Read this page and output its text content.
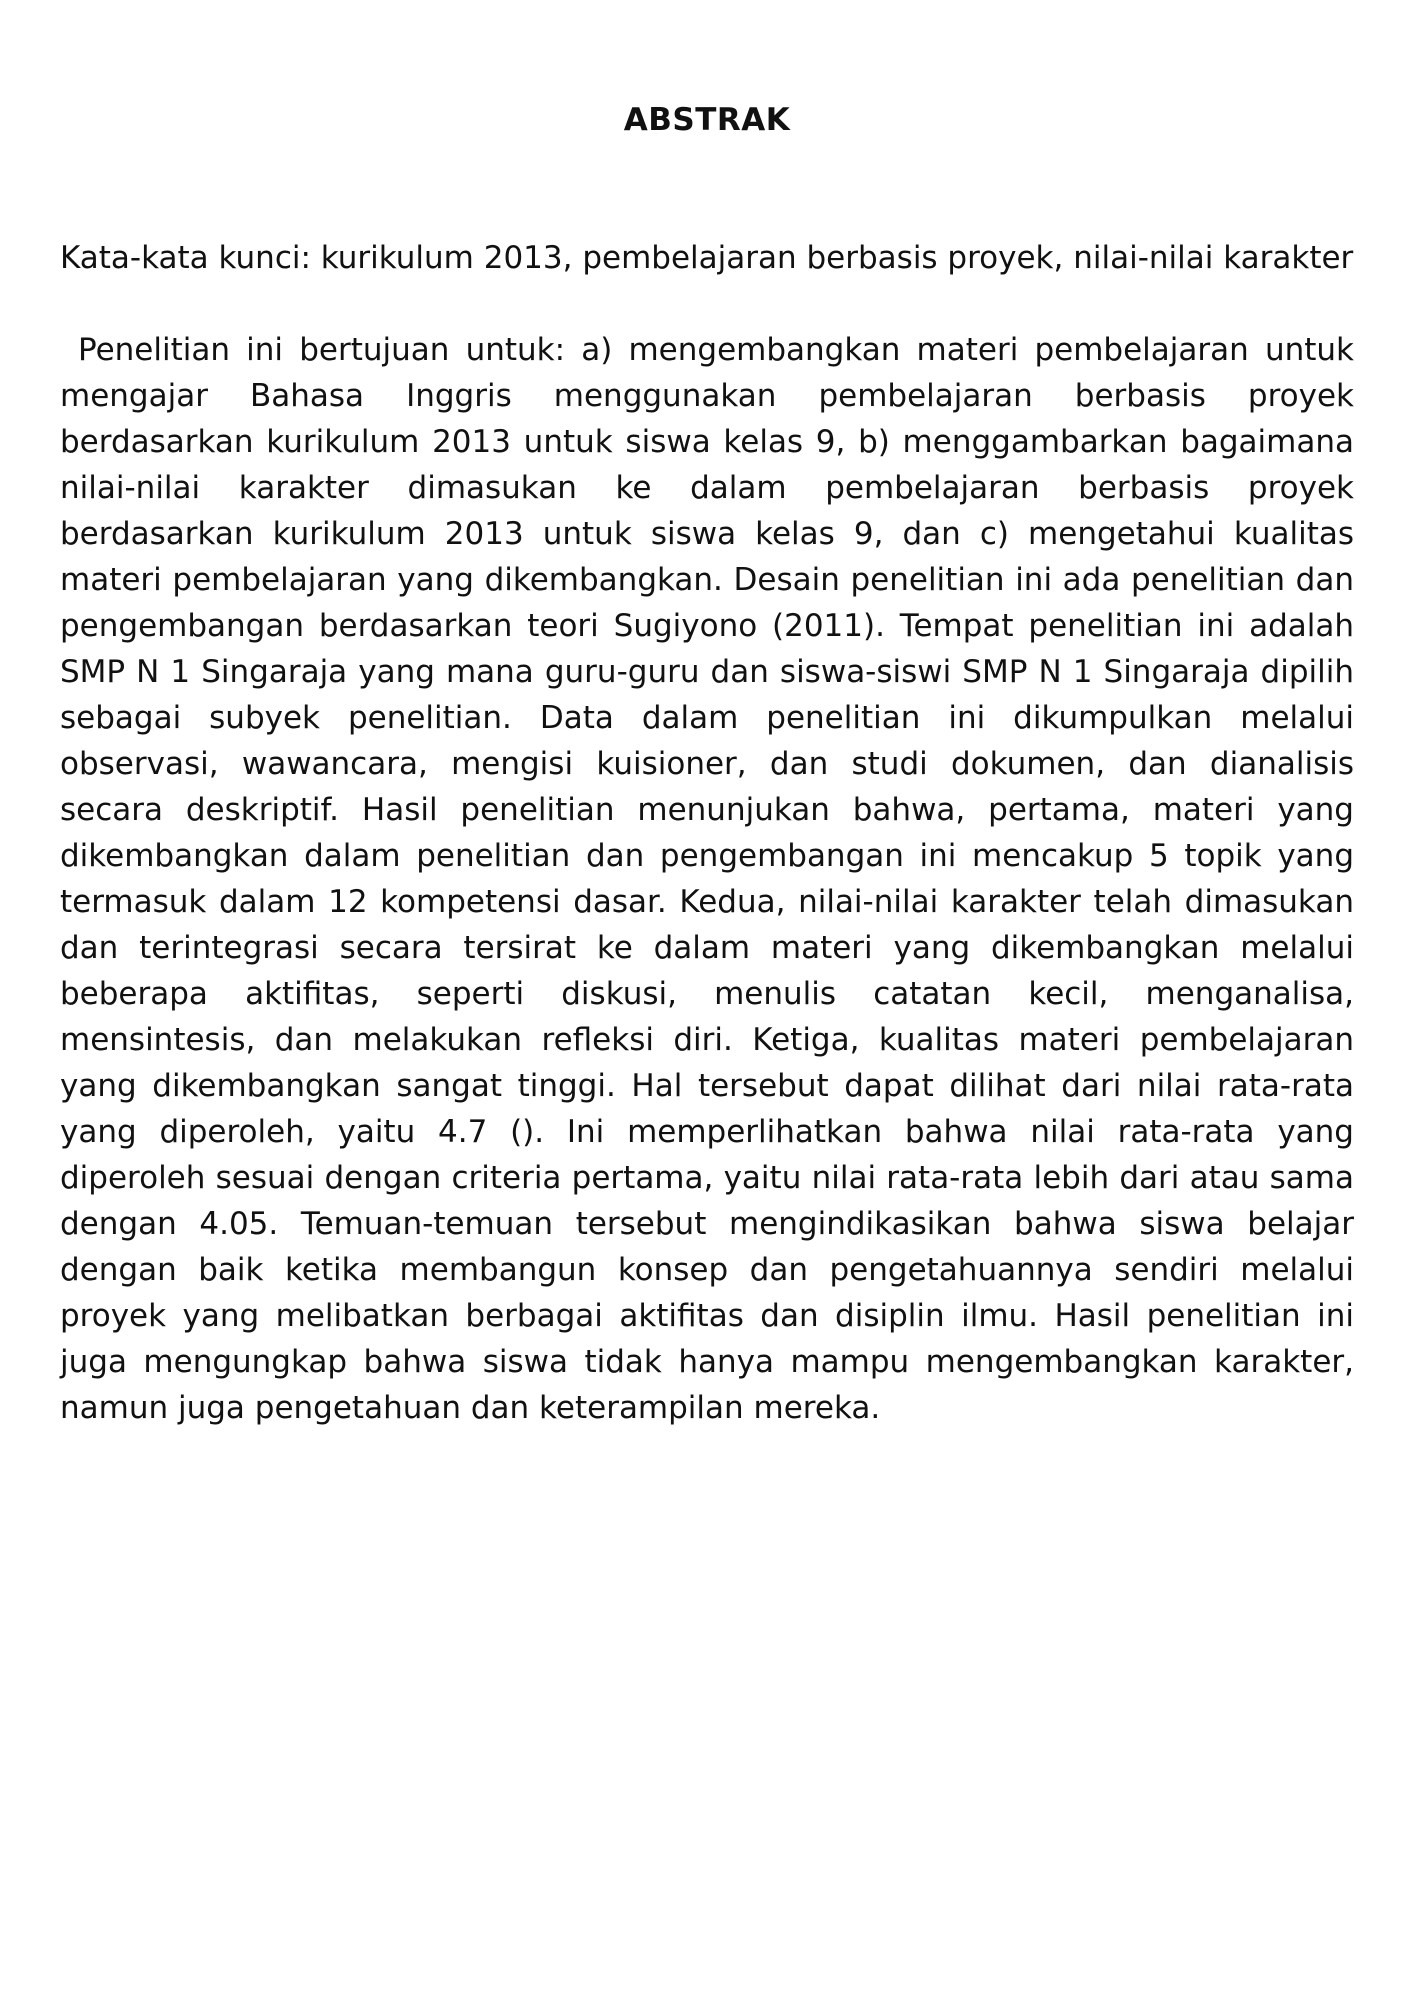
ABSTRAK

Kata-kata kunci: kurikulum 2013, pembelajaran berbasis proyek, nilai-nilai karakter

Penelitian ini bertujuan untuk: a) mengembangkan materi pembelajaran untuk mengajar Bahasa Inggris menggunakan pembelajaran berbasis proyek berdasarkan kurikulum 2013 untuk siswa kelas 9, b) menggambarkan bagaimana nilai-nilai karakter dimasukan ke dalam pembelajaran berbasis proyek berdasarkan kurikulum 2013 untuk siswa kelas 9, dan c) mengetahui kualitas materi pembelajaran yang dikembangkan. Desain penelitian ini ada penelitian dan pengembangan berdasarkan teori Sugiyono (2011). Tempat penelitian ini adalah SMP N 1 Singaraja yang mana guru-guru dan siswa-siswi SMP N 1 Singaraja dipilih sebagai subyek penelitian. Data dalam penelitian ini dikumpulkan melalui observasi, wawancara, mengisi kuisioner, dan studi dokumen, dan dianalisis secara deskriptif. Hasil penelitian menunjukan bahwa, pertama, materi yang dikembangkan dalam penelitian dan pengembangan ini mencakup 5 topik yang termasuk dalam 12 kompetensi dasar. Kedua, nilai-nilai karakter telah dimasukan dan terintegrasi secara tersirat ke dalam materi yang dikembangkan melalui beberapa aktifitas, seperti diskusi, menulis catatan kecil, menganalisa, mensintesis, dan melakukan refleksi diri. Ketiga, kualitas materi pembelajaran yang dikembangkan sangat tinggi. Hal tersebut dapat dilihat dari nilai rata-rata yang diperoleh, yaitu 4.7 (). Ini memperlihatkan bahwa nilai rata-rata yang diperoleh sesuai dengan criteria pertama, yaitu nilai rata-rata lebih dari atau sama dengan 4.05. Temuan-temuan tersebut mengindikasikan bahwa siswa belajar dengan baik ketika membangun konsep dan pengetahuannya sendiri melalui proyek yang melibatkan berbagai aktifitas dan disiplin ilmu. Hasil penelitian ini juga mengungkap bahwa siswa tidak hanya mampu mengembangkan karakter, namun juga pengetahuan dan keterampilan mereka.
